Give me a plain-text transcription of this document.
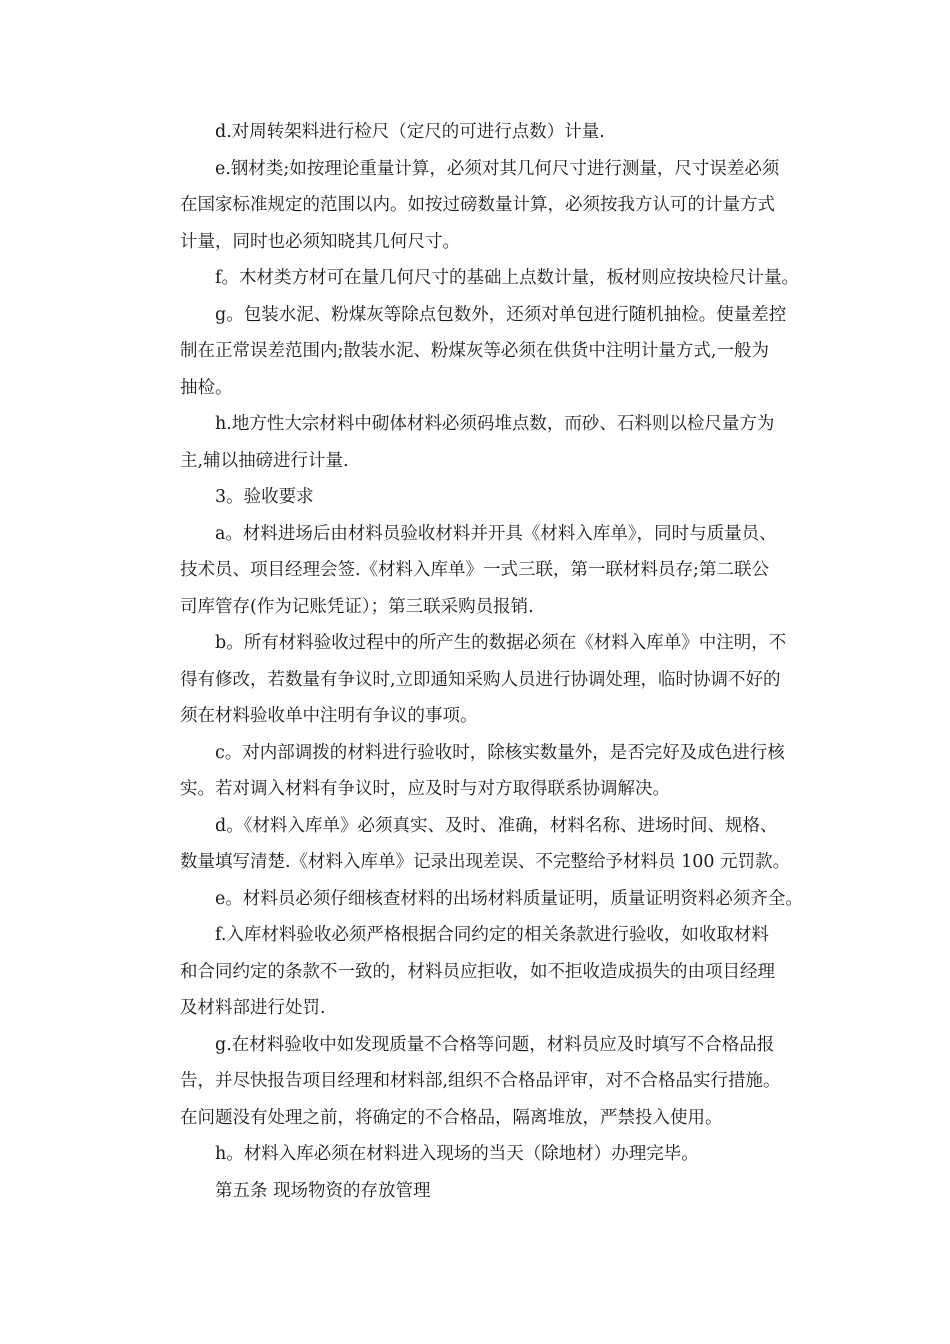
d.对周转架料进行检尺（定尺的可进行点数）计量.
e.钢材类;如按理论重量计算，必须对其几何尺寸进行测量，尺寸误差必须
在国家标准规定的范围以内。如按过磅数量计算，必须按我方认可的计量方式
计量，同时也必须知晓其几何尺寸。
f。木材类方材可在量几何尺寸的基础上点数计量，板材则应按块检尺计量。
g。包装水泥、粉煤灰等除点包数外，还须对单包进行随机抽检。使量差控
制在正常误差范围内;散装水泥、粉煤灰等必须在供货中注明计量方式,一般为
抽检。
h.地方性大宗材料中砌体材料必须码堆点数，而砂、石料则以检尺量方为
主,辅以抽磅进行计量.
3。验收要求
a。材料进场后由材料员验收材料并开具《材料入库单》，同时与质量员、
技术员、项目经理会签.《材料入库单》一式三联，第一联材料员存;第二联公
司库管存(作为记账凭证）；第三联采购员报销.
b。所有材料验收过程中的所产生的数据必须在《材料入库单》中注明，不
得有修改，若数量有争议时,立即通知采购人员进行协调处理，临时协调不好的
须在材料验收单中注明有争议的事项。
c。对内部调拨的材料进行验收时，除核实数量外，是否完好及成色进行核
实。若对调入材料有争议时，应及时与对方取得联系协调解决。
d。《材料入库单》必须真实、及时、准确，材料名称、进场时间、规格、
数量填写清楚.《材料入库单》记录出现差误、不完整给予材料员 100 元罚款。
e。材料员必须仔细核查材料的出场材料质量证明，质量证明资料必须齐全。
f.入库材料验收必须严格根据合同约定的相关条款进行验收，如收取材料
和合同约定的条款不一致的，材料员应拒收，如不拒收造成损失的由项目经理
及材料部进行处罚.
g.在材料验收中如发现质量不合格等问题，材料员应及时填写不合格品报
告，并尽快报告项目经理和材料部,组织不合格品评审，对不合格品实行措施。
在问题没有处理之前，将确定的不合格品，隔离堆放，严禁投入使用。
h。材料入库必须在材料进入现场的当天（除地材）办理完毕。
第五条 现场物资的存放管理
